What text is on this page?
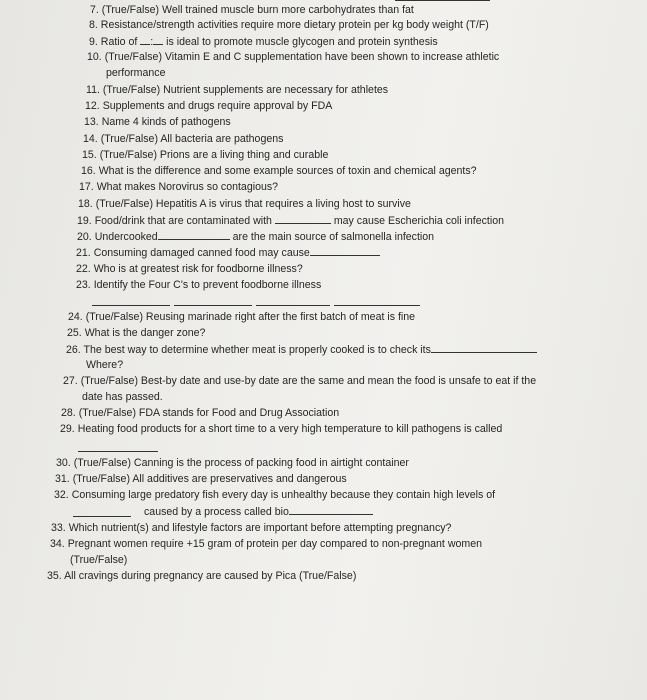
7. (True/False) Well trained muscle burn more carbohydrates than fat
8. Resistance/strength activities require more dietary protein per kg body weight (T/F)
9. Ratio of : is ideal to promote muscle glycogen and protein synthesis
10. (True/False) Vitamin E and C supplementation have been shown to increase athletic
performance
11. (True/False) Nutrient supplements are necessary for athletes
12. Supplements and drugs require approval by FDA
13. Name 4 kinds of pathogens
14. (True/False) All bacteria are pathogens
15. (True/False) Prions are a living thing and curable
16. What is the difference and some example sources of toxin and chemical agents?
17. What makes Norovirus so contagious?
18. (True/False) Hepatitis A is virus that requires a living host to survive
19. Food/drink that are contaminated with	may cause Escherichia coli infection
20. Undercooked	are the main source of salmonella infection
21. Consuming damaged canned food may cause
22. Who is at greatest risk for foodborne illness?
23. Identify the Four C's to prevent foodborne illness
24. (True/False) Reusing marinade right after the first batch of meat is fine
25. What is the danger zone?
26. The best way to determine whether meat is properly cooked is to check its
Where?
27. (True/False) Best-by date and use-by date are the same and mean the food is unsafe to eat if the
date has passed.
28. (True/False) FDA stands for Food and Drug Association
29. Heating food products for a short time to a very high temperature to kill pathogens is called
30. (True/False) Canning is the process of packing food in airtight container
31. (True/False) All additives are preservatives and dangerous
32. Consuming large predatory fish every day is unhealthy because they contain high levels of
caused by a process called bio
33. Which nutrient(s) and lifestyle factors are important before attempting pregnancy?
34. Pregnant women require +15 gram of protein per day compared to non-pregnant women
(True/False)
35. All cravings during pregnancy are caused by Pica (True/False)
